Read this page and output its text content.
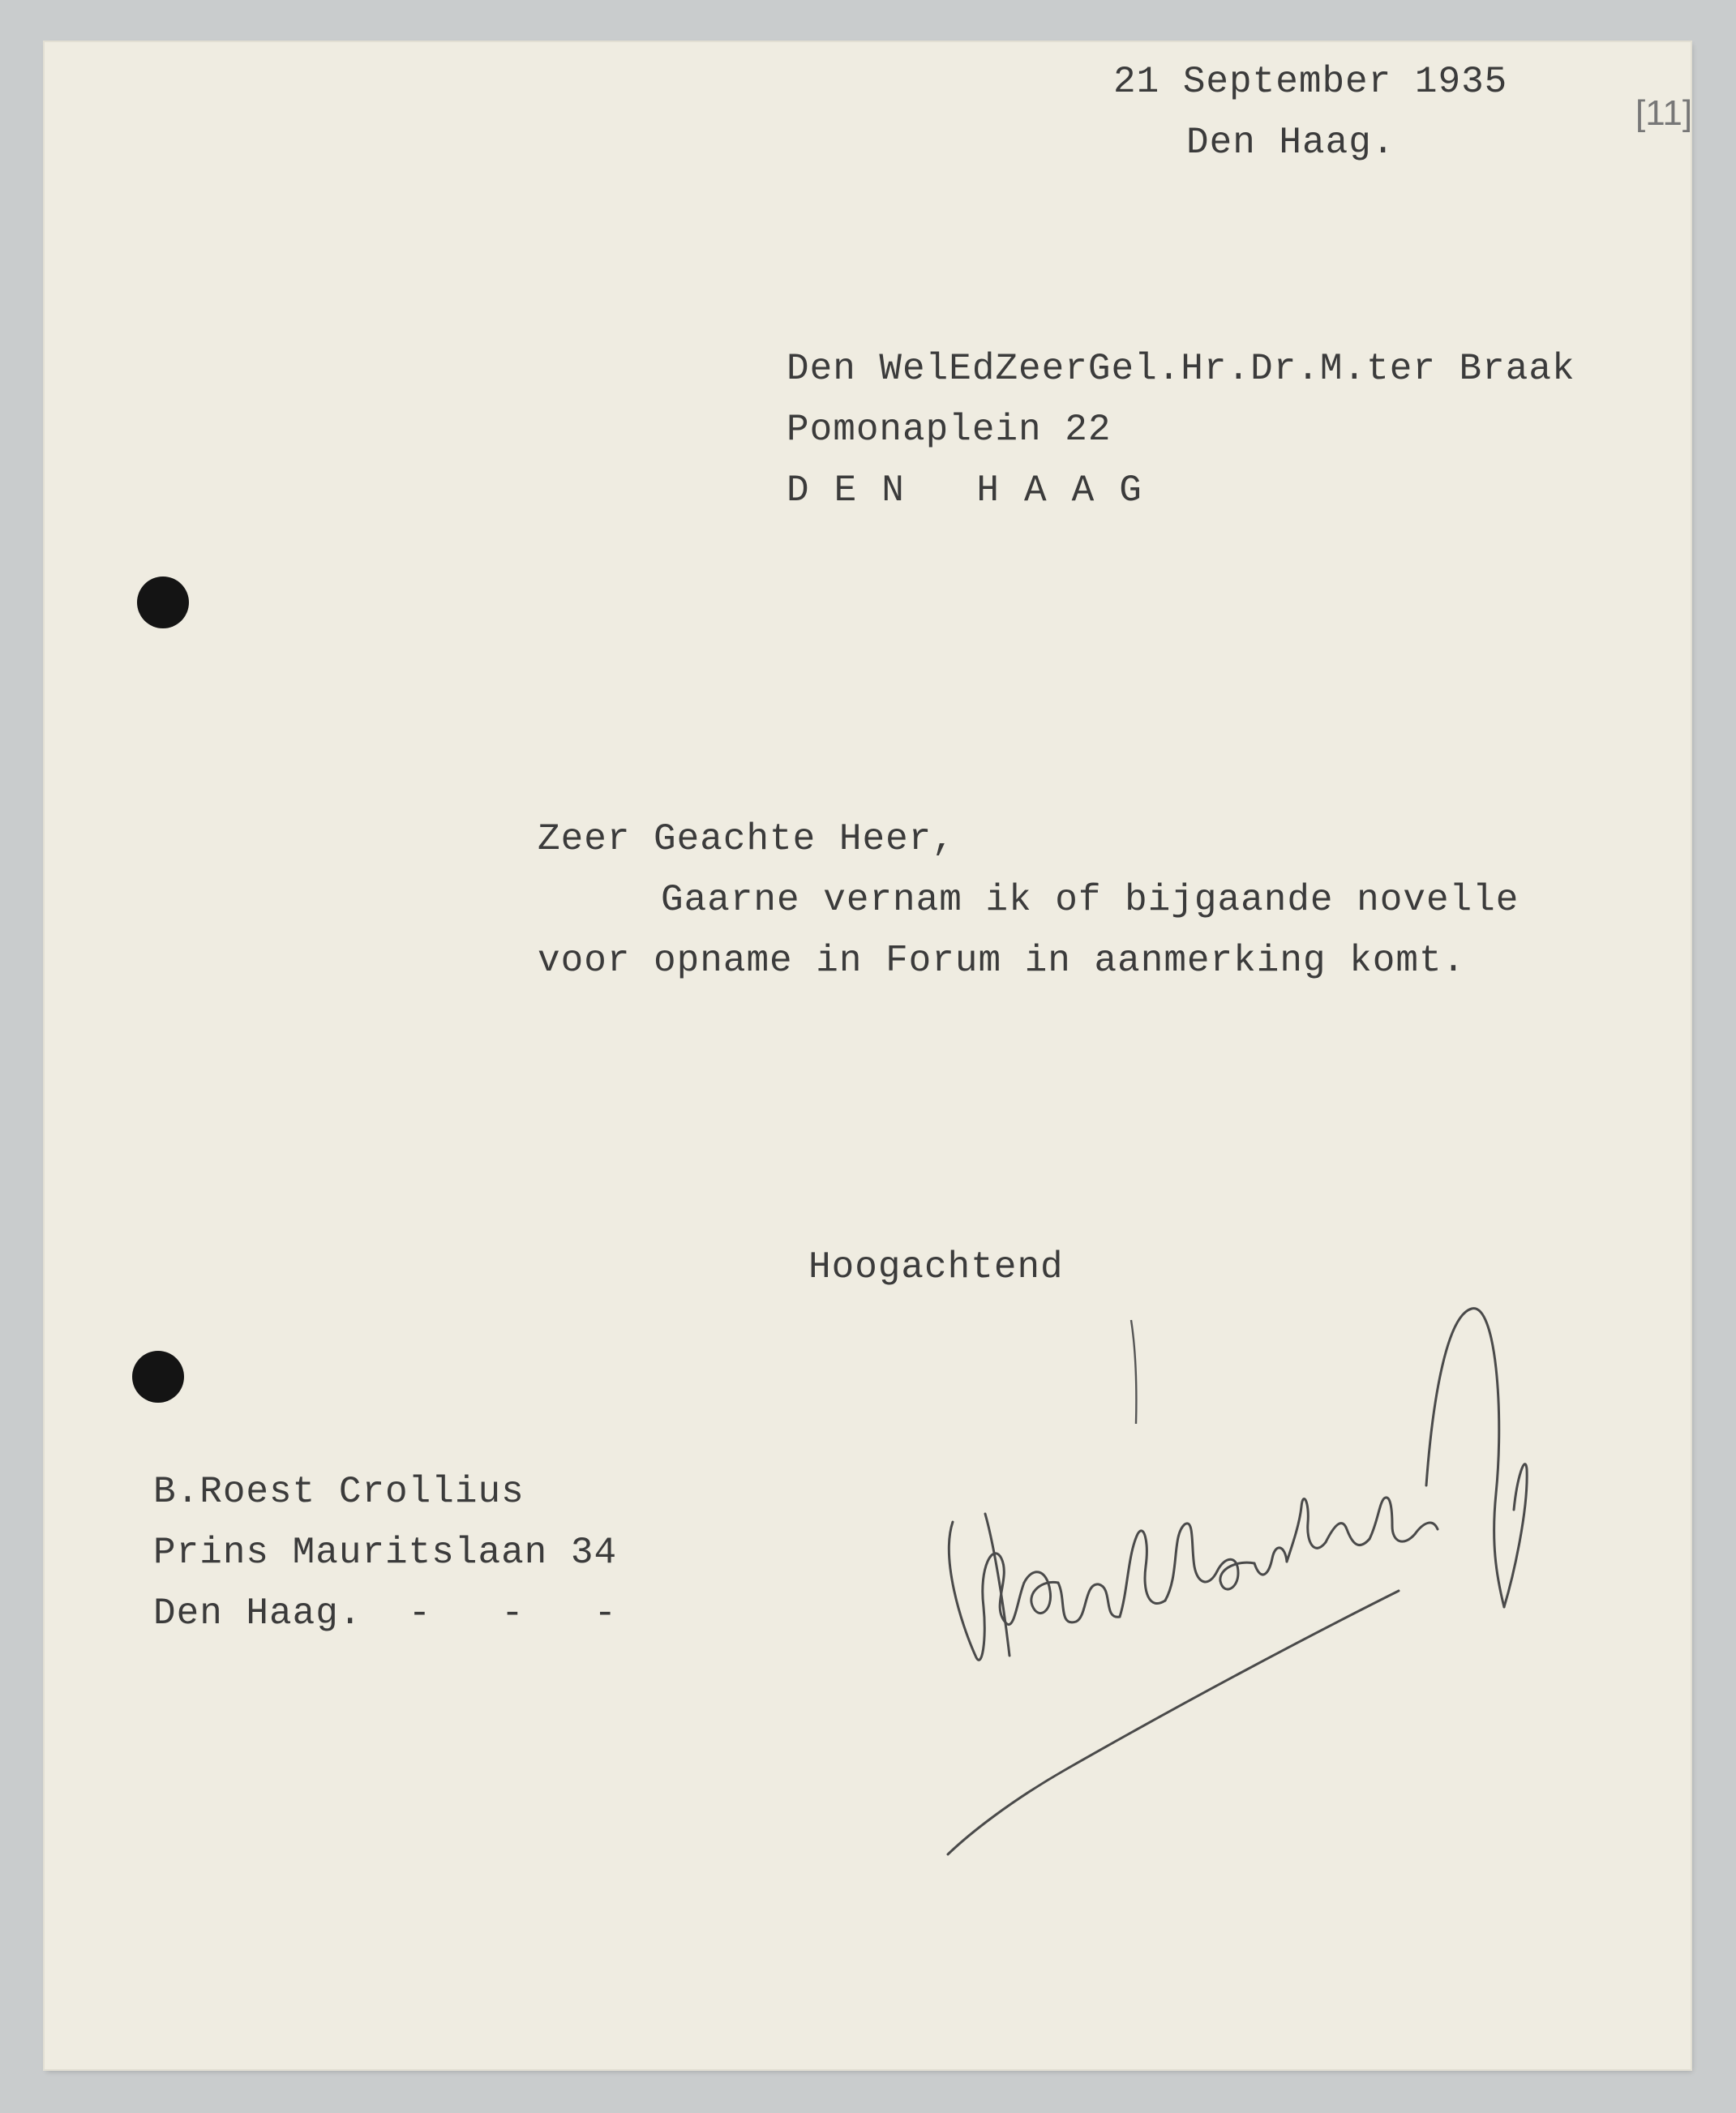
21 September 1935
[11]
Den Haag.
Den WelEdZeerGel.Hr.Dr.M.ter Braak
Pomonaplein 22
DEN HAAG
Zeer Geachte Heer,
Gaarne vernam ik of bijgaande novelle
voor opname in Forum in aanmerking komt.
Hoogachtend
B.Roest Crollius
Prins Mauritslaan 34
Den Haag.  -   -   -
